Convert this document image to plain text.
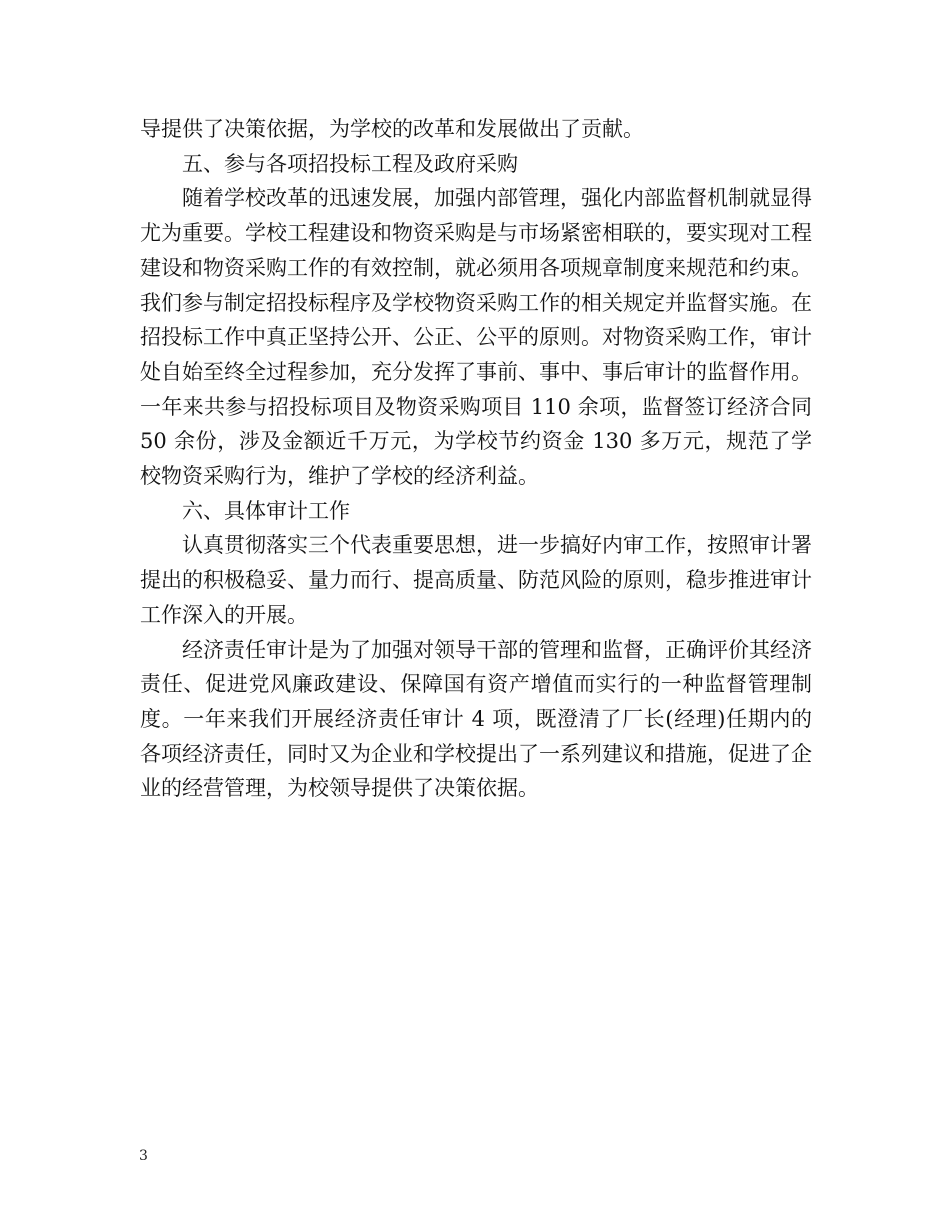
导提供了决策依据，为学校的改革和发展做出了贡献。

五、参与各项招投标工程及政府采购

随着学校改革的迅速发展，加强内部管理，强化内部监督机制就显得尤为重要。学校工程建设和物资采购是与市场紧密相联的，要实现对工程建设和物资采购工作的有效控制，就必须用各项规章制度来规范和约束。我们参与制定招投标程序及学校物资采购工作的相关规定并监督实施。在招投标工作中真正坚持公开、公正、公平的原则。对物资采购工作，审计处自始至终全过程参加，充分发挥了事前、事中、事后审计的监督作用。一年来共参与招投标项目及物资采购项目 110 余项，监督签订经济合同 50 余份，涉及金额近千万元，为学校节约资金 130 多万元，规范了学校物资采购行为，维护了学校的经济利益。

六、具体审计工作

认真贯彻落实三个代表重要思想，进一步搞好内审工作，按照审计署提出的积极稳妥、量力而行、提高质量、防范风险的原则，稳步推进审计工作深入的开展。

经济责任审计是为了加强对领导干部的管理和监督，正确评价其经济责任、促进党风廉政建设、保障国有资产增值而实行的一种监督管理制度。一年来我们开展经济责任审计 4 项，既澄清了厂长(经理)任期内的各项经济责任，同时又为企业和学校提出了一系列建议和措施，促进了企业的经营管理，为校领导提供了决策依据。

3
